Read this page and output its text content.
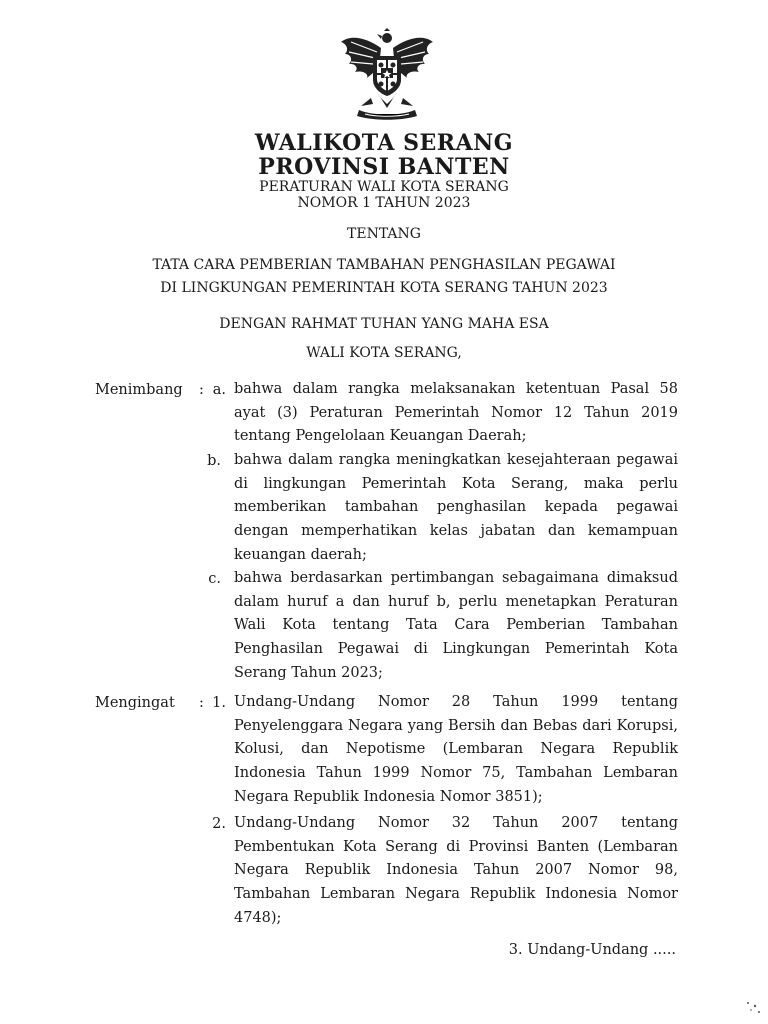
WALIKOTA SERANG
PROVINSI BANTEN
PERATURAN WALI KOTA SERANG
NOMOR 1 TAHUN 2023
TENTANG
TATA CARA PEMBERIAN TAMBAHAN PENGHASILAN PEGAWAI
DI LINGKUNGAN PEMERINTAH KOTA SERANG TAHUN 2023
DENGAN RAHMAT TUHAN YANG MAHA ESA
WALI KOTA SERANG,
Menimbang : a. bahwa dalam rangka melaksanakan ketentuan Pasal 58 ayat (3) Peraturan Pemerintah Nomor 12 Tahun 2019 tentang Pengelolaan Keuangan Daerah;
b. bahwa dalam rangka meningkatkan kesejahteraan pegawai di lingkungan Pemerintah Kota Serang, maka perlu memberikan tambahan penghasilan kepada pegawai dengan memperhatikan kelas jabatan dan kemampuan keuangan daerah;
c. bahwa berdasarkan pertimbangan sebagaimana dimaksud dalam huruf a dan huruf b, perlu menetapkan Peraturan Wali Kota tentang Tata Cara Pemberian Tambahan Penghasilan Pegawai di Lingkungan Pemerintah Kota Serang Tahun 2023;
Mengingat : 1. Undang-Undang Nomor 28 Tahun 1999 tentang Penyelenggara Negara yang Bersih dan Bebas dari Korupsi, Kolusi, dan Nepotisme (Lembaran Negara Republik Indonesia Tahun 1999 Nomor 75, Tambahan Lembaran Negara Republik Indonesia Nomor 3851);
2. Undang-Undang Nomor 32 Tahun 2007 tentang Pembentukan Kota Serang di Provinsi Banten (Lembaran Negara Republik Indonesia Tahun 2007 Nomor 98, Tambahan Lembaran Negara Republik Indonesia Nomor 4748);
3. Undang-Undang .....
